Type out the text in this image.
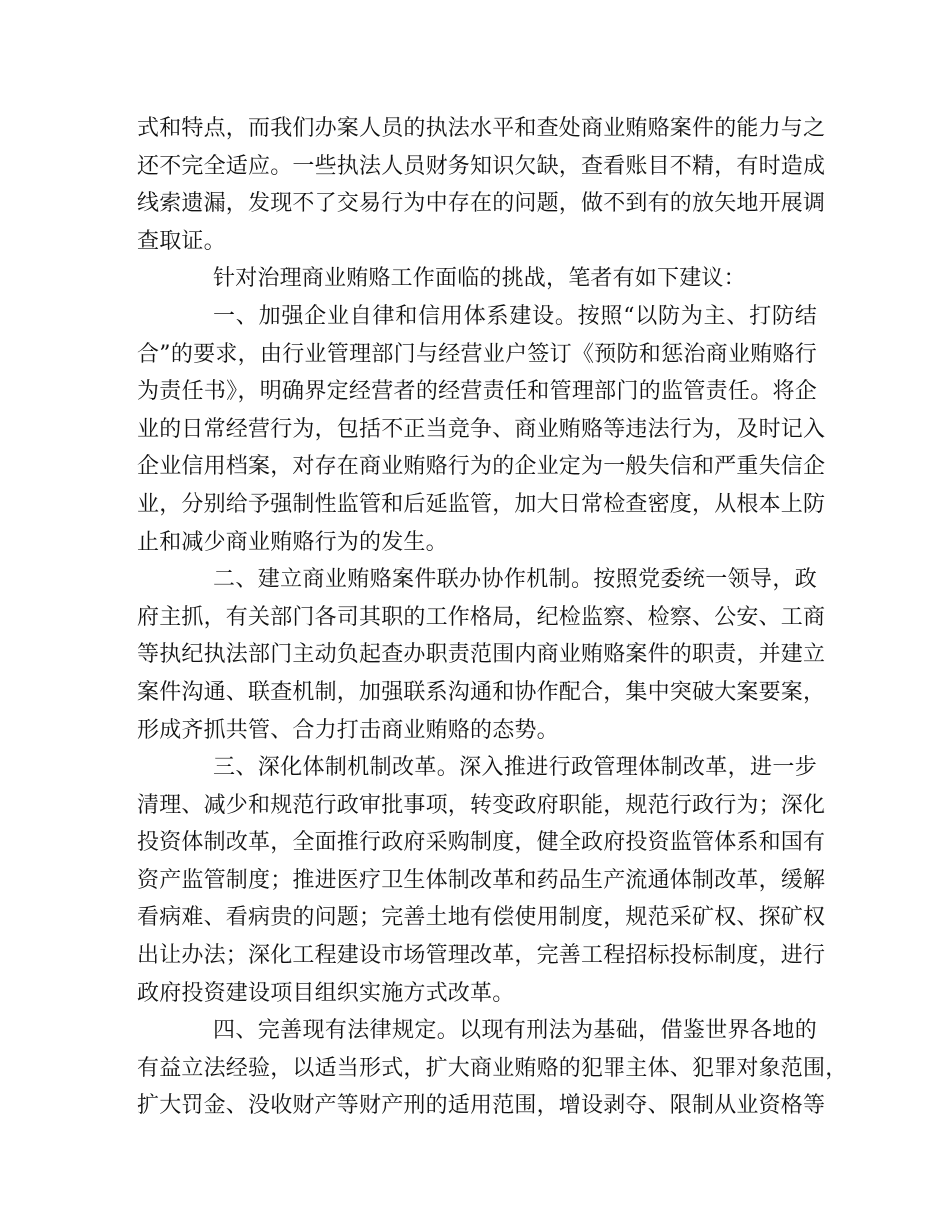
式和特点，而我们办案人员的执法水平和查处商业贿赂案件的能力与之
还不完全适应。一些执法人员财务知识欠缺，查看账目不精，有时造成
线索遗漏，发现不了交易行为中存在的问题，做不到有的放矢地开展调
查取证。
针对治理商业贿赂工作面临的挑战，笔者有如下建议：
一、加强企业自律和信用体系建设。按照“以防为主、打防结
合”的要求，由行业管理部门与经营业户签订《预防和惩治商业贿赂行
为责任书》，明确界定经营者的经营责任和管理部门的监管责任。将企
业的日常经营行为，包括不正当竞争、商业贿赂等违法行为，及时记入
企业信用档案，对存在商业贿赂行为的企业定为一般失信和严重失信企
业，分别给予强制性监管和后延监管，加大日常检查密度，从根本上防
止和减少商业贿赂行为的发生。
二、建立商业贿赂案件联办协作机制。按照党委统一领导，政
府主抓，有关部门各司其职的工作格局，纪检监察、检察、公安、工商
等执纪执法部门主动负起查办职责范围内商业贿赂案件的职责，并建立
案件沟通、联查机制，加强联系沟通和协作配合，集中突破大案要案，
形成齐抓共管、合力打击商业贿赂的态势。
三、深化体制机制改革。深入推进行政管理体制改革，进一步
清理、减少和规范行政审批事项，转变政府职能，规范行政行为；深化
投资体制改革，全面推行政府采购制度，健全政府投资监管体系和国有
资产监管制度；推进医疗卫生体制改革和药品生产流通体制改革，缓解
看病难、看病贵的问题；完善土地有偿使用制度，规范采矿权、探矿权
出让办法；深化工程建设市场管理改革，完善工程招标投标制度，进行
政府投资建设项目组织实施方式改革。
四、完善现有法律规定。以现有刑法为基础，借鉴世界各地的
有益立法经验，以适当形式，扩大商业贿赂的犯罪主体、犯罪对象范围，
扩大罚金、没收财产等财产刑的适用范围，增设剥夺、限制从业资格等
